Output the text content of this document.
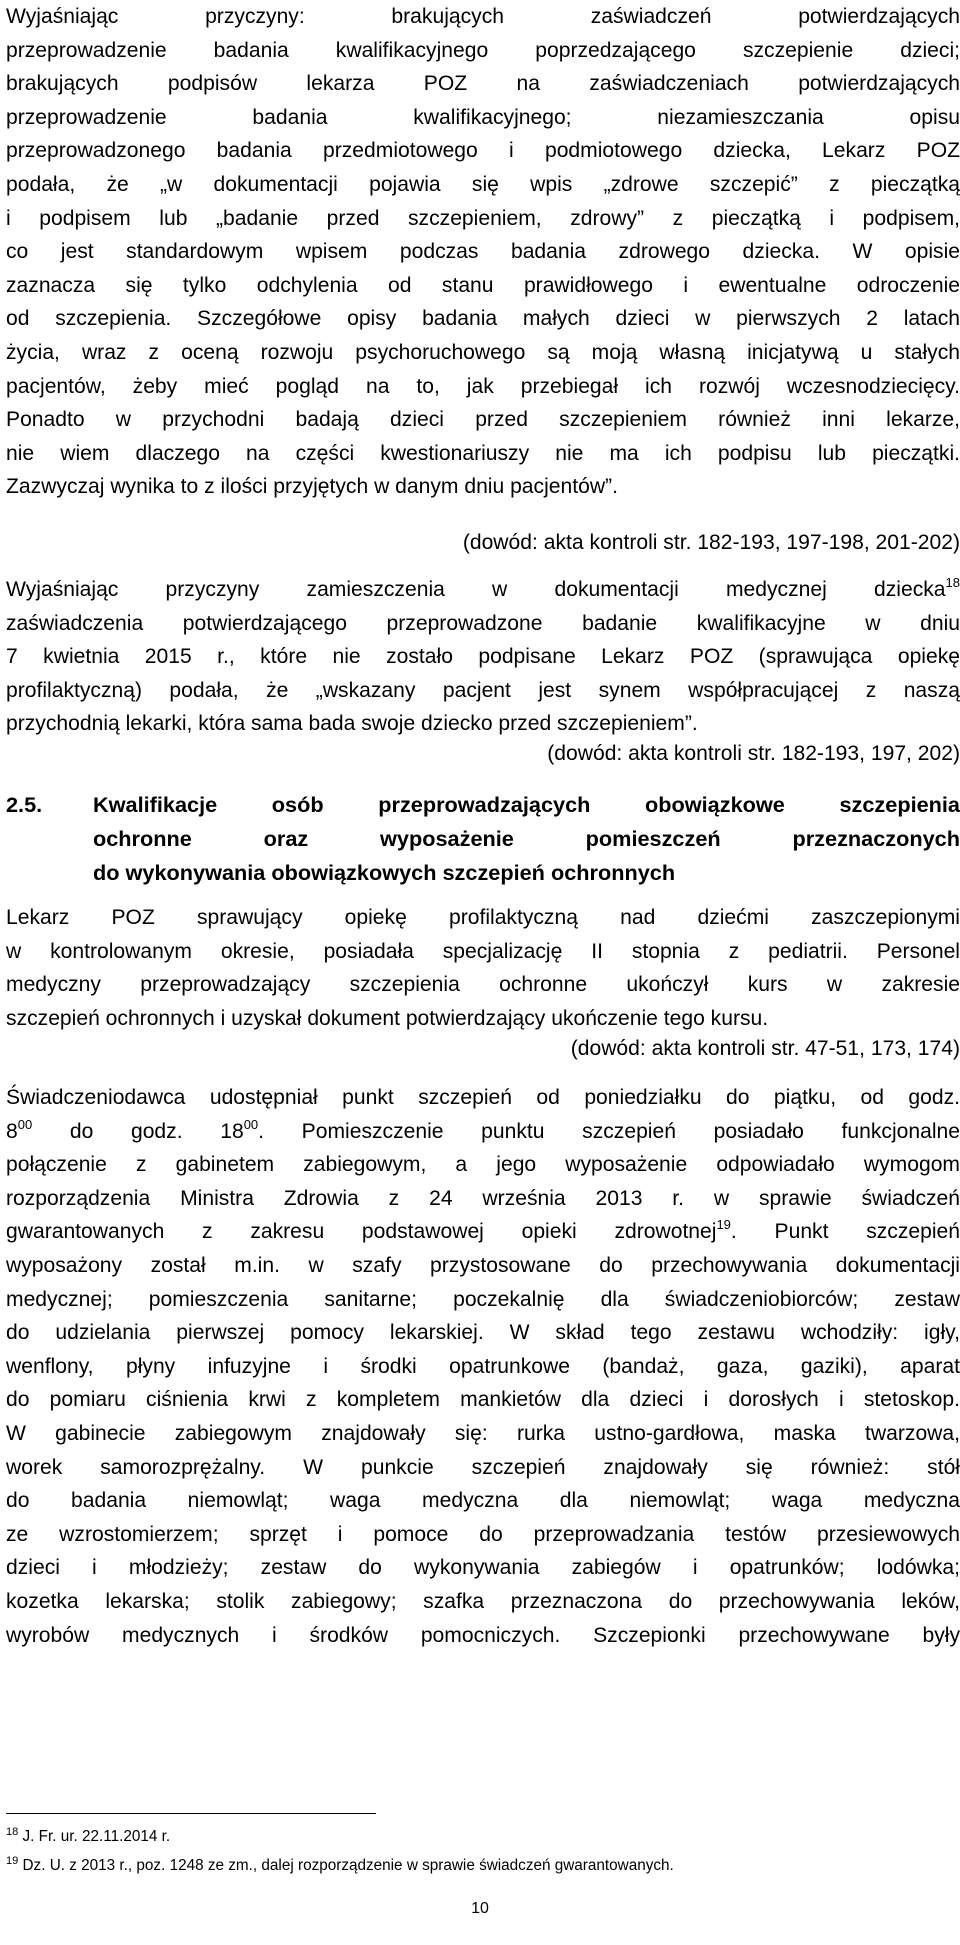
Wyjaśniając przyczyny: brakujących zaświadczeń potwierdzających
przeprowadzenie badania kwalifikacyjnego poprzedzającego szczepienie dzieci;
brakujących podpisów lekarza POZ na zaświadczeniach potwierdzających
przeprowadzenie badania kwalifikacyjnego; niezamieszczania opisu
przeprowadzonego badania przedmiotowego i podmiotowego dziecka, Lekarz POZ
podała, że „w dokumentacji pojawia się wpis „zdrowe szczepić” z pieczątką
i podpisem lub „badanie przed szczepieniem, zdrowy” z pieczątką i podpisem,
co jest standardowym wpisem podczas badania zdrowego dziecka. W opisie
zaznacza się tylko odchylenia od stanu prawidłowego i ewentualne odroczenie
od szczepienia. Szczegółowe opisy badania małych dzieci w pierwszych 2 latach
życia, wraz z oceną rozwoju psychoruchowego są moją własną inicjatywą u stałych
pacjentów, żeby mieć pogląd na to, jak przebiegał ich rozwój wczesnodziecięcy.
Ponadto w przychodni badają dzieci przed szczepieniem również inni lekarze,
nie wiem dlaczego na części kwestionariuszy nie ma ich podpisu lub pieczątki.
Zazwyczaj wynika to z ilości przyjętych w danym dniu pacjentów”.
(dowód: akta kontroli str. 182-193, 197-198, 201-202)
Wyjaśniając przyczyny zamieszczenia w dokumentacji medycznej dziecka$^{18}$
zaświadczenia potwierdzającego przeprowadzone badanie kwalifikacyjne w dniu
7 kwietnia 2015 r., które nie zostało podpisane Lekarz POZ (sprawująca opiekę
profilaktyczną) podała, że „wskazany pacjent jest synem współpracującej z naszą
przychodnią lekarki, która sama bada swoje dziecko przed szczepieniem”.
(dowód: akta kontroli str. 182-193, 197, 202)
2.5. Kwalifikacje osób przeprowadzających obowiązkowe szczepienia
ochronne oraz wyposażenie pomieszczeń przeznaczonych
do wykonywania obowiązkowych szczepień ochronnych
Lekarz POZ sprawujący opiekę profilaktyczną nad dziećmi zaszczepionymi
w kontrolowanym okresie, posiadała specjalizację II stopnia z pediatrii. Personel
medyczny przeprowadzający szczepienia ochronne ukończył kurs w zakresie
szczepień ochronnych i uzyskał dokument potwierdzający ukończenie tego kursu.
(dowód: akta kontroli str. 47-51, 173, 174)
Świadczeniodawca udostępniał punkt szczepień od poniedziałku do piątku, od godz.
$8^{00}$ do godz. $18^{00}$. Pomieszczenie punktu szczepień posiadało funkcjonalne
połączenie z gabinetem zabiegowym, a jego wyposażenie odpowiadało wymogom
rozporządzenia Ministra Zdrowia z 24 września 2013 r. w sprawie świadczeń
gwarantowanych z zakresu podstawowej opieki zdrowotnej$^{19}$. Punkt szczepień
wyposażony został m.in. w szafy przystosowane do przechowywania dokumentacji
medycznej; pomieszczenia sanitarne; poczekalnię dla świadczeniobiorców; zestaw
do udzielania pierwszej pomocy lekarskiej. W skład tego zestawu wchodziły: igły,
wenflony, płyny infuzyjne i środki opatrunkowe (bandaż, gaza, gaziki), aparat
do pomiaru ciśnienia krwi z kompletem mankietów dla dzieci i dorosłych i stetoskop.
W gabinecie zabiegowym znajdowały się: rurka ustno-gardłowa, maska twarzowa,
worek samorozprężalny. W punkcie szczepień znajdowały się również: stół
do badania niemowląt; waga medyczna dla niemowląt; waga medyczna
ze wzrostomierzem; sprzęt i pomoce do przeprowadzania testów przesiewowych
dzieci i młodzieży; zestaw do wykonywania zabiegów i opatrunków; lodówka;
kozetka lekarska; stolik zabiegowy; szafka przeznaczona do przechowywania leków,
wyrobów medycznych i środków pomocniczych. Szczepionki przechowywane były
$^{18}$ J. Fr. ur. 22.11.2014 r.
$^{19}$ Dz. U. z 2013 r., poz. 1248 ze zm., dalej rozporządzenie w sprawie świadczeń gwarantowanych.
10
